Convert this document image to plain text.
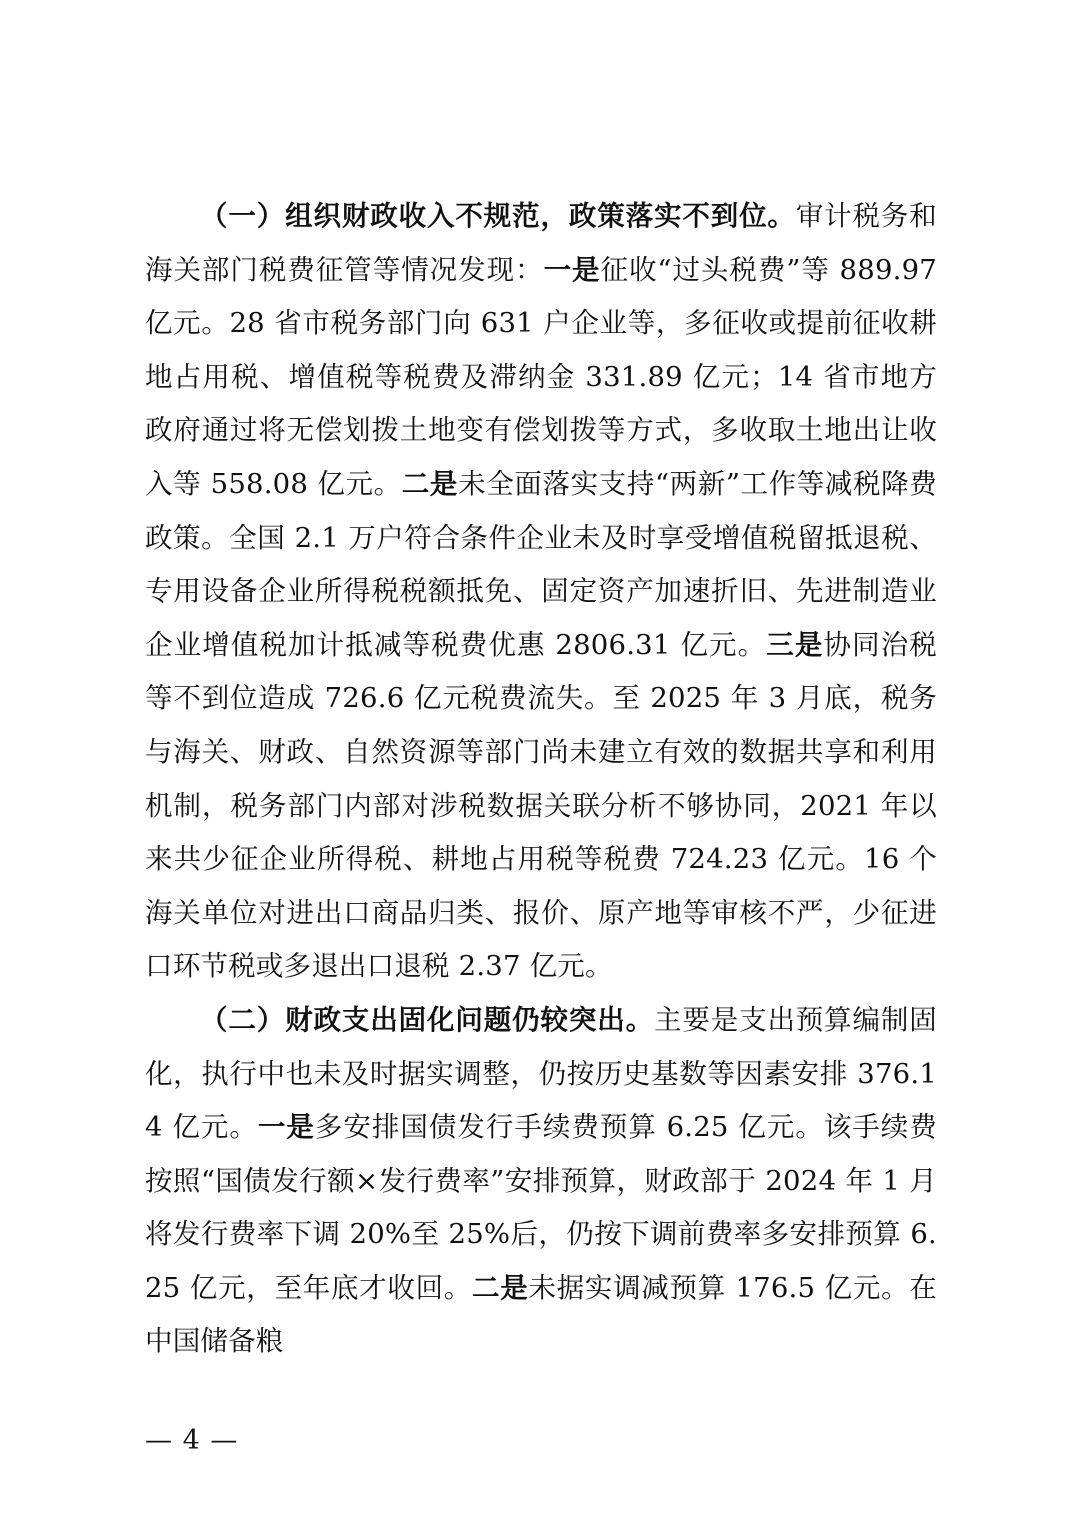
（一）组织财政收入不规范，政策落实不到位。审计税务和海关部门税费征管等情况发现：一是征收“过头税费”等 889.97 亿元。28 省市税务部门向 631 户企业等，多征收或提前征收耕地占用税、增值税等税费及滞纳金 331.89 亿元；14 省市地方政府通过将无偿划拨土地变有偿划拨等方式，多收取土地出让收入等 558.08 亿元。二是未全面落实支持“两新”工作等减税降费政策。全国 2.1 万户符合条件企业未及时享受增值税留抵退税、专用设备企业所得税税额抵免、固定资产加速折旧、先进制造业企业增值税加计抵减等税费优惠 2806.31 亿元。三是协同治税等不到位造成 726.6 亿元税费流失。至 2025 年 3 月底，税务与海关、财政、自然资源等部门尚未建立有效的数据共享和利用机制，税务部门内部对涉税数据关联分析不够协同，2021 年以来共少征企业所得税、耕地占用税等税费 724.23 亿元。16 个海关单位对进出口商品归类、报价、原产地等审核不严，少征进口环节税或多退出口退税 2.37 亿元。

（二）财政支出固化问题仍较突出。主要是支出预算编制固化，执行中也未及时据实调整，仍按历史基数等因素安排 376.14 亿元。一是多安排国债发行手续费预算 6.25 亿元。该手续费按照“国债发行额×发行费率”安排预算，财政部于 2024 年 1 月将发行费率下调 20%至 25%后，仍按下调前费率多安排预算 6.25 亿元，至年底才收回。二是未据实调减预算 176.5 亿元。在中国储备粮

— 4 —
